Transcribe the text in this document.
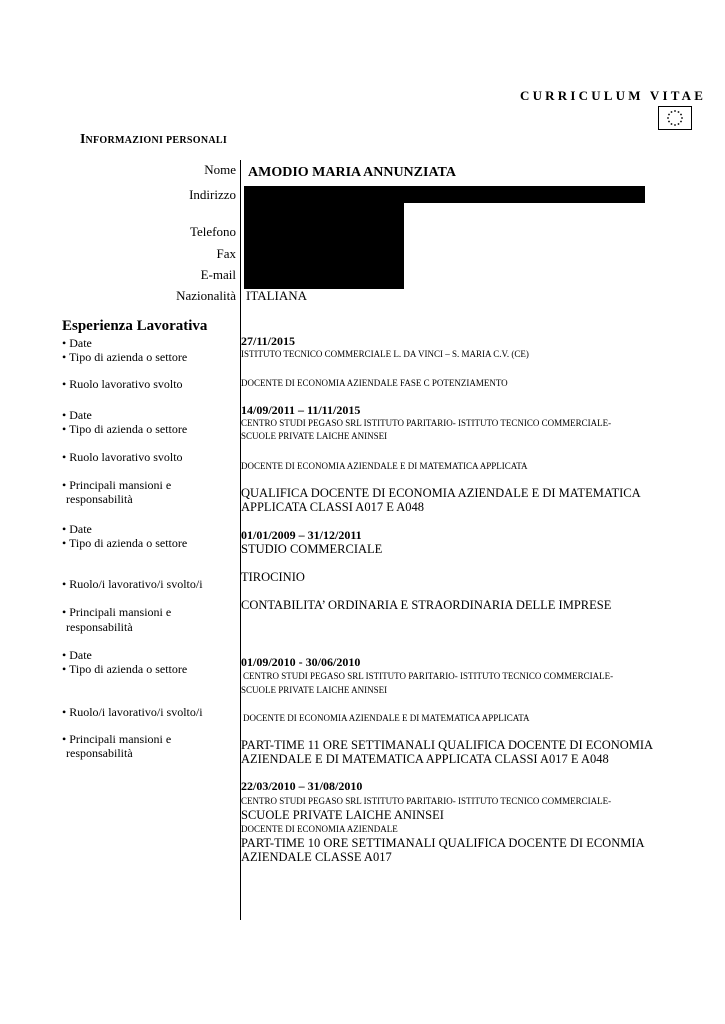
CURRICULUM VITAE
INFORMAZIONI PERSONALI
Nome
Indirizzo
Telefono
Fax
E-mail
Nazionalità
AMODIO MARIA ANNUNZIATA
ITALIANA
Esperienza Lavorativa
• Date
• Tipo di azienda o settore
• Ruolo lavorativo svolto
27/11/2015
ISTITUTO TECNICO COMMERCIALE L. DA VINCI – S. MARIA C.V. (CE)
DOCENTE DI ECONOMIA AZIENDALE FASE C POTENZIAMENTO
• Date
• Tipo di azienda o settore
• Ruolo lavorativo svolto
• Principali mansioni e
responsabilità
14/09/2011 – 11/11/2015
CENTRO STUDI PEGASO SRL ISTITUTO PARITARIO- ISTITUTO TECNICO COMMERCIALE-
SCUOLE PRIVATE LAICHE ANINSEI
DOCENTE DI ECONOMIA AZIENDALE E DI MATEMATICA APPLICATA
QUALIFICA DOCENTE DI ECONOMIA AZIENDALE E DI MATEMATICA
APPLICATA CLASSI A017 E A048
• Date
• Tipo di azienda o settore
• Ruolo/i lavorativo/i svolto/i
• Principali mansioni e
responsabilità
01/01/2009 – 31/12/2011
STUDIO COMMERCIALE
TIROCINIO
CONTABILITA’ ORDINARIA E STRAORDINARIA DELLE IMPRESE
• Date
• Tipo di azienda o settore
• Ruolo/i lavorativo/i svolto/i
• Principali mansioni e
responsabilità
01/09/2010 - 30/06/2010
CENTRO STUDI PEGASO SRL ISTITUTO PARITARIO- ISTITUTO TECNICO COMMERCIALE-
SCUOLE PRIVATE LAICHE ANINSEI
DOCENTE DI ECONOMIA AZIENDALE E DI MATEMATICA APPLICATA
PART-TIME 11 ORE SETTIMANALI QUALIFICA DOCENTE DI ECONOMIA
AZIENDALE E DI MATEMATICA APPLICATA CLASSI A017 E A048
22/03/2010 – 31/08/2010
CENTRO STUDI PEGASO SRL ISTITUTO PARITARIO- ISTITUTO TECNICO COMMERCIALE-
SCUOLE PRIVATE LAICHE ANINSEI
DOCENTE DI ECONOMIA AZIENDALE
PART-TIME 10 ORE SETTIMANALI QUALIFICA DOCENTE DI ECONMIA
AZIENDALE CLASSE A017
